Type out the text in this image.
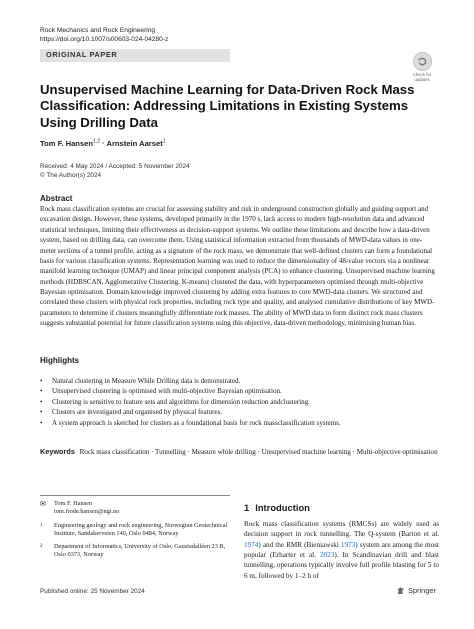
Rock Mechanics and Rock Engineering
https://doi.org/10.1007/s00603-024-04280-z
ORIGINAL PAPER
Check for
updates
Unsupervised Machine Learning for Data-Driven Rock Mass Classification: Addressing Limitations in Existing Systems Using Drilling Data
Tom F. Hansen$^{1,2}$ · Arnstein Aarset$^1$
Received: 4 May 2024 / Accepted: 5 November 2024
© The Author(s) 2024
Abstract
Rock mass classification systems are crucial for assessing stability and risk in underground construction globally and guiding support and excavation design. However, these systems, developed primarily in the 1970 s, lack access to modern high-resolution data and advanced statistical techniques, limiting their effectiveness as decision-support systems. We outline these limitations and describe how a data-driven system, based on drilling data, can overcome them. Using statistical information extracted from thousands of MWD-data values in one-meter sections of a tunnel profile, acting as a signature of the rock mass, we demonstrate that well-defined clusters can form a foundational basis for various classification systems. Representation learning was used to reduce the dimensionality of 48-value vectors via a nonlinear manifold learning technique (UMAP) and linear principal component analysis (PCA) to enhance clustering. Unsupervised machine learning methods (HDBSCAN, Agglomerative Clustering, K-means) clustered the data, with hyperparameters optimised through multi-objective Bayesian optimisation. Domain knowledge improved clustering by adding extra features to core MWD-data clusters. We structured and correlated these clusters with physical rock properties, including rock type and quality, and analysed cumulative distributions of key MWD-parameters to determine if clusters meaningfully differentiate rock masses. The ability of MWD data to form distinct rock mass clusters suggests substantial potential for future classification systems using this objective, data-driven methodology, minimising human bias.
Highlights
• Natural clustering in Measure While Drilling data is demonstrated.
• Unsupervised clustering is optimised with multi-objective Bayesian optimisation.
• Clustering is sensitive to feature sets and algorithms for dimension reduction andclustering.
• Clusters are investigated and organised by physical features.
• A system approach is sketched for clusters as a foundational basis for rock massclassification systems.
Keywords Rock mass classification · Tunnelling · Measure while drilling · Unsupervised machine learning · Multi-objective optimisation
✉	Tom F. Hansen
tom.frode.hansen@ngi.no
1	Engineering geology and rock engineering, Norwegian Geotechnical Institute, Sandakerveien 140, Oslo 0484, Norway
2	Department of Informatics, University of Oslo, Gaustadalléen 23 B, Oslo 0373, Norway
1 Introduction
Rock mass classification systems (RMCSs) are widely used as decision support in rock tunnelling. The Q-system (Barton et al. 1974) and the RMR (Bieniawski 1973) system are among the most popular (Erharter et al. 2023). In Scandinavian drill and blast tunnelling, operations typically involve full profile blasting for 5 to 6 m, followed by 1–2 h of
Published online: 25 November 2024	Springer
